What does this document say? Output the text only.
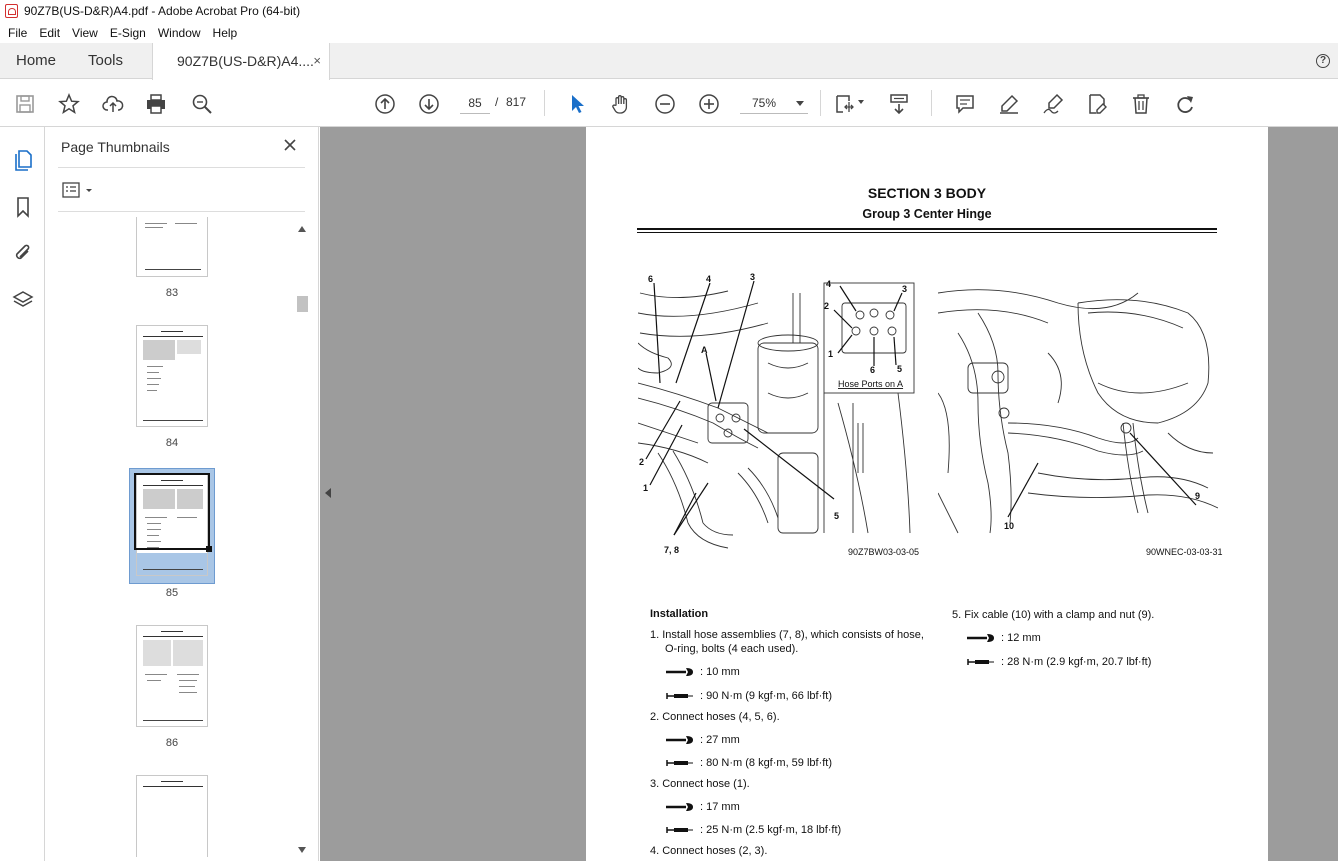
90Z7B(US-D&R)A4.pdf - Adobe Acrobat Pro (64-bit)
File	Edit	View	E-Sign	Window	Help
Home Tools	90Z7B(US-D&R)A4.... ×	?
85
/ 817	75%
Page Thumbnails
83
84
85
86
SECTION 3 BODY
Group 3 Center Hinge
6	4	3
A
2
1
7, 8
5
4
2
1
6
3
5
Hose Ports on A
90Z7BW03-03-05
10
9
90WNEC-03-03-31
Installation
1. Install hose assemblies (7, 8), which consists of hose,
O-ring, bolts (4 each used).
: 10 mm
: 90 N·m (9 kgf·m, 66 lbf·ft)
2. Connect hoses (4, 5, 6).
: 27 mm
: 80 N·m (8 kgf·m, 59 lbf·ft)
3. Connect hose (1).
: 17 mm
: 25 N·m (2.5 kgf·m, 18 lbf·ft)
4. Connect hoses (2, 3).
5. Fix cable (10) with a clamp and nut (9).
: 12 mm
: 28 N·m (2.9 kgf·m, 20.7 lbf·ft)
